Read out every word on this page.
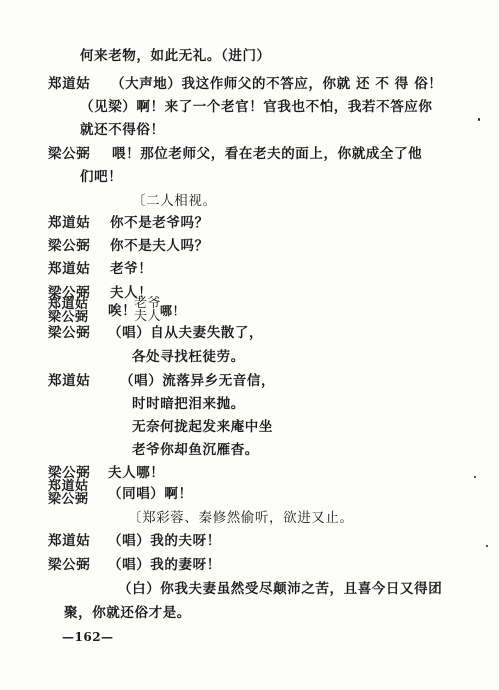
何来老物，如此无礼。（进门）
郑道姑 （大声地）我这作师父的不答应，你就 还 不 得 俗！
（见梁）啊！来了一个老官！官我也不怕，我若不答应你
就还不得俗！
梁公弼 喂！那位老师父，看在老夫的面上，你就成全了他
们吧！
〔二人相视。
郑道姑 你不是老爷吗？
梁公弼 你不是夫人吗？
郑道姑 老爷！
梁公弼 夫人！
郑道姑
梁公弼 唉！
老爷
夫人
哪！
梁公弼 （唱）自从夫妻失散了，
各处寻找枉徒劳。
郑道姑 （唱）流落异乡无音信，
时时暗把泪来抛。
无奈何拢起发来庵中坐
老爷你却鱼沉雁杳。
梁公弼 夫人哪！
郑道姑
梁公弼 （同唱）啊！
〔郑彩蓉、秦修然偷听，欲进又止。
郑道姑 （唱）我的夫呀！
梁公弼 （唱）我的妻呀！
（白）你我夫妻虽然受尽颠沛之苦，且喜今日又得团
聚，你就还俗才是。
—162—
